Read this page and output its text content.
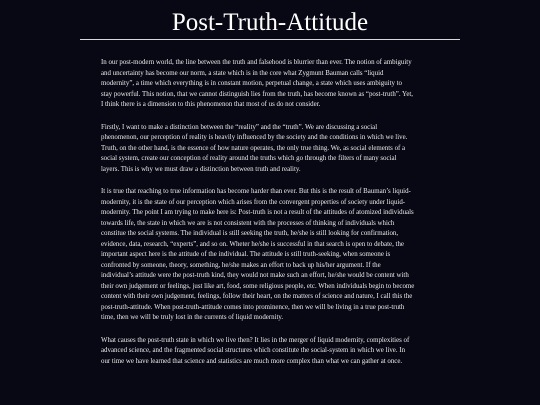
Post-Truth-Attitude

In our post-modern world, the line between the truth and falsehood is blurrier than ever. The notion of ambiguity
and uncertainty has become our norm, a state which is in the core what Zygmunt Bauman calls “liquid
modernity”, a time which everything is in constant motion, perpetual change, a state which uses ambiguity to
stay powerful. This notion, that we cannot distinguish lies from the truth, has become known as “post-truth”. Yet,
I think there is a dimension to this phenomenon that most of us do not consider.

Firstly, I want to make a distinction between the “reality” and the “truth”. We are discussing a social
phenomenon, our perception of reality is heavily influenced by the society and the conditions in which we live.
Truth, on the other hand, is the essence of how nature operates, the only true thing. We, as social elements of a
social system, create our conception of reality around the truths which go through the filters of many social
layers. This is why we must draw a distinction between truth and reality.

It is true that reaching to true information has become harder than ever. But this is the result of Bauman’s liquid-
modernity, it is the state of our perception which arises from the convergent properties of society under liquid-
modernity. The point I am trying to make here is: Post-truth is not a result of the attitudes of atomized individuals
towards life, the state in which we are is not consistent with the processes of thinking of individuals which
constitue the social systems. The individual is still seeking the truth, he/she is still looking for confirmation,
evidence, data, research, “experts”, and so on. Wheter he/she is successful in that search is open to debate, the
important aspect here is the attitude of the individual. The attitude is still truth-seeking, when someone is
confronted by someone, theory, something, he/she makes an effort to back up his/her argument. If the
individual’s attitude were the post-truth kind, they would not make such an effort, he/she would be content with
their own judgement or feelings, just like art, food, some religious people, etc. When individuals begin to become
content with their own judgement, feelings, follow their heart, on the matters of science and nature, I call this the
post-truth-attitude. When post-truth-attitude comes into prominence, then we will be living in a true post-truth
time, then we will be truly lost in the currents of liquid modernity.

What causes the post-truth state in which we live then? It lies in the merger of liquid modernity, complexities of
advanced science, and the fragmented social structures which constitute the social-system in which we live. In
our time we have learned that science and statistics are much more complex than what we can gather at once.
